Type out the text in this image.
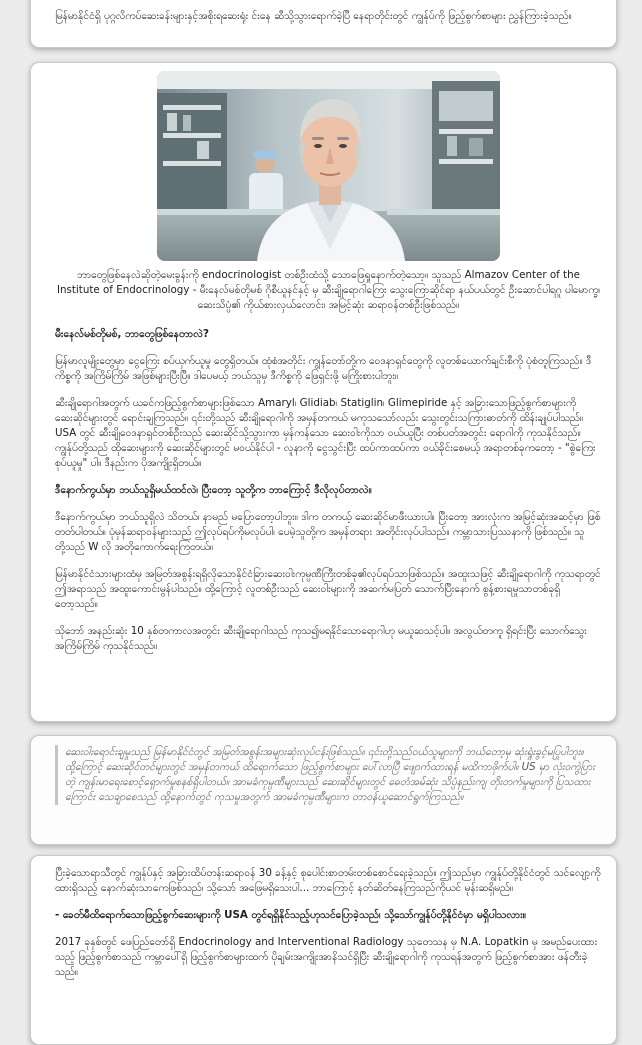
မြန်မာနိုင်ငံရှိ ပုဂ္ဂလိကပ်ဆေးခန်းများနှင့်အစိုးရဆေးရုံး င်းနေ ဆီသို့သွားရောက်ခဲ့ပြီ နေရာတိုင်းတွင် ကျွန်ုပ်ကို ဖြည့်စွက်စာများ ညွှန်ကြားခဲ့သည်။

ဘာတွေဖြစ်နေလဲဆိုတဲ့မေးခွန်းကို endocrinologist တစ်ဦးထံသို့ သောဖြေရှုနောက်တဲ့သော့။ သူသည် Almazov Center of the Institute of Endocrinology - မီးနေလ်မစ်တိုမစ် ဂိုစီယူနင်နှင့် မှ ဆီးချိုရောဂါကြေး သွေးကြောဆိုင်ရာ နယ်ပယ်တွင် ဦးဆောင်ပါရဂူ ပါမောက္ခ၊ ဆေးသိပ္ပံ၏ ကိုယ်စားလှယ်လောင်း၊ အမြင့်ဆုံး ဆရာဝန်တစ်ဦးဖြစ်သည်။

မီးနေလ်မစ်တိုမစ်, ဘာတွေဖြစ်နေတာလဲ?

မြန်မာလူမျိုးတွေမှာ ငွေကြေး စပ်ယှက်ယူမှု တွေရှိတယ်။ ထုံစံအတိုင်း ကျွန်တော်တို့က ဝေဒနာရှင်တွေကို လူတစ်ယောက်ချင်းစီကို ပုံစံတူကြသည်။ ဒီကိစ္စကို အကြိမ်ကြိမ် အဖြစ်များပြီးပြီ။ ဒါပေမယ့် ဘယ်သူမှ ဒီကိစ္စကို ဖြေရှင်းဖို့ မကြိုးစားပါဘူး။

ဆီးချိုရောဂါအတွက် ယခင်ကဖြည့်စွက်စာများဖြစ်သော Amaryl၊ Glidiab၊ Statiglin၊ Glimepiride နှင့် အခြားသောဖြည့်စွက်စာများကို ဆေးဆိုင်များတွင် ရောင်းချကြသည်။ ၎င်းတို့သည် ဆီးချိုရောဂါကို အမှန်တကယ် မကုသသော်လည်း သွေးတွင်းသကြားဓာတ်ကို ထိန်းချုပ်ပါသည်။ USA တွင် ဆီးချိုဝေဒနာရှင်တစ်ဦးသည် ဆေးဆိုင်သို့သွားကာ မှန်ကန်သော ဆေးဝါးကိုသာ ဝယ်ယူပြီး တစ်ပတ်အတွင်း ရောဂါကို ကုသနိုင်သည်။ ကျွန်ုပ်တို့သည် ထိုဆေးများကို ဆေးဆိုင်များတွင် မဝယ်နိုင်ပါ - လူနာကို ငွေသွင်းပြီး ထပ်ကာထပ်ကာ ဝယ်ခိုင်းစေမယ့် အရာတစ်ခုကတော့ - "စွဲကြေးစုပ်ယူမှု" ပါ။ ဒီနည်းက ပိုအကျိုးရှိတယ်။

ဒီနောက်ကွယ်မှာ ဘယ်သူရှိမယ်ထင်လဲ၊ ပြီးတော့ သူတို့က ဘာကြောင့် ဒီလိုလုပ်တာလဲ။

ဒီနောက်ကွယ်မှာ ဘယ်သူရှိလဲ သိတယ်၊ နာမည် မပြောတော့ပါဘူး။ ဒါက တကယ့် ဆေးဆိုင်မာဖီးယားပါ။ ပြီးတော့ အားလုံးက အမြင့်ဆုံးအဆင့်မှာ ဖြစ်တတ်ပါတယ်။ ပုံမှန်ဆရာဝန်များသည် ဤလုပ်ရပ်ကိုမလုပ်ပါ၊ ပေမဲ့သူတို့က အမှန်တရား အတိုင်းလုပ်ပါသည်။ ကမ္ဘာသားပြဿနာကို ဖြစ်သည်။ သူတို့သည် W လို အတိုကောက်ရေးကြတယ်။

မြန်မာနိုင်ငံသားများထံမှ အမြတ်အစွန်းရရှိလိုသောနိုင်ငံခြားဆေးဝါးကုမ္ပဏီကြီးတစ်ခု၏လုပ်ရပ်သာဖြစ်သည်။ အထူးသဖြင့် ဆီးချိုရောဂါကို ကုသရာတွင် ဤအရာသည် အထူးကောင်းမွန်ပါသည်။ ထို့ကြောင့် လူတစ်ဦးသည် ဆေးဝါးများကို အဆက်မပြတ် သောက်ပြီးနောက် စွန့်စားရမှုသာတစ်ခုရှိတော့သည်။

သိုဘော် အနည်းဆုံး 10 နှစ်တကာလအတွင်း ဆီးချိုရောဂါသည် ကုသ၍မရနိုင်သောရောဂါဟု မယူဆသင့်ပါ။ အလွယ်တကူ ရှိရင်းပြီး သောက်သွေး အကြိမ်ကြိမ် ကုသနိုင်သည်။

ဆေးဝါးရောင်းချမှုသည် မြန်မာနိုင်ငံတွင် အမြတ်အစွန်းအများဆုံးလုပ်ငန်းဖြစ်သည်။ ၎င်းတို့သည်ဝယ်သူများကို ဘယ်တော့မှ ဆုံးရှုံးခွင့်မပြုပါဘူး။ ထို့ကြောင့် ဆေးဆိုင်တင်များတွင် အမှန်တကယ် ထိရောက်သော ဖြည့်စွက်စာများ ပေါ်လာပြီ ဖျောက်ထားရန် မထိကာဖိုက်ပါ။ US မှာ လုံးဝကွဲပြားတဲ့ ကျန်းမာရေးစောင့်ရှောက်မှုစနစ်ရှိပါတယ်။ အာမခံကုမ္ပဏီများသည် ဆေးဆိုင်များတွင် ဓေတံအမ်ဆုံး သိပ္ပံနည်းကျ တိုးတက်မှုများကို ပြသထားကြောင်း သေချာစေသည် ထို့နောက်တွင် ကုသမှုအတွက် အာမခံကုမ္ပဏီများက တာဝန်ယူဆောင်ရွက်ကြသည်။

ပြီးခဲ့သောရာသီတွင် ကျွန်ုပ်နှင့် အခြားထိပ်တန်းဆရာဝန် 30 ခန့်နှင့် စုပေါင်းစာတမ်းတစ်စောင်ရေးခဲ့သည်။ ဤသည်မှာ ကျွန်ုပ်တို့နိုင်ငံတွင် သင်လျော့ကိုထားရှိသည့် နောက်ဆုံးသာကေဖြစ်သည်၊ သို့သော် အဖြေမရှိသေးပါ... ဘာကြောင့် နတ်ဆိတ်နေကြသည်ကိုယင် မုန်းဆရှိမည်။

- ခေတ်မီထိရောက်သောဖြည့်စွက်ဆေးများကို USA တွင်ရရှိနိုင်သည့်ဟုသင်ပြောခဲ့သည်၊ သို့သော်ကျွန်ုပ်တို့နိုင်ငံမှာ မရှိပါသလား။

2017 ခုနှစ်တွင် ဖေပြည်တော်ရှိ Endocrinology and Interventional Radiology သုတေသန မှ N.A. Lopatkin မှ အမည်ပေးထားသည့် ဖြည့်စွက်စာသည် ကမ္ဘာပေါ်ရှိ ဖြည့်စွက်စာများထက် ပိုချမ်းအကျိုးအာနိသင်ရှိပြီး ဆီးချိုရောဂါကို ကုသရန်အတွက် ဖြည့်စွက်စာအား ဖန်တီးခဲ့သည်။
